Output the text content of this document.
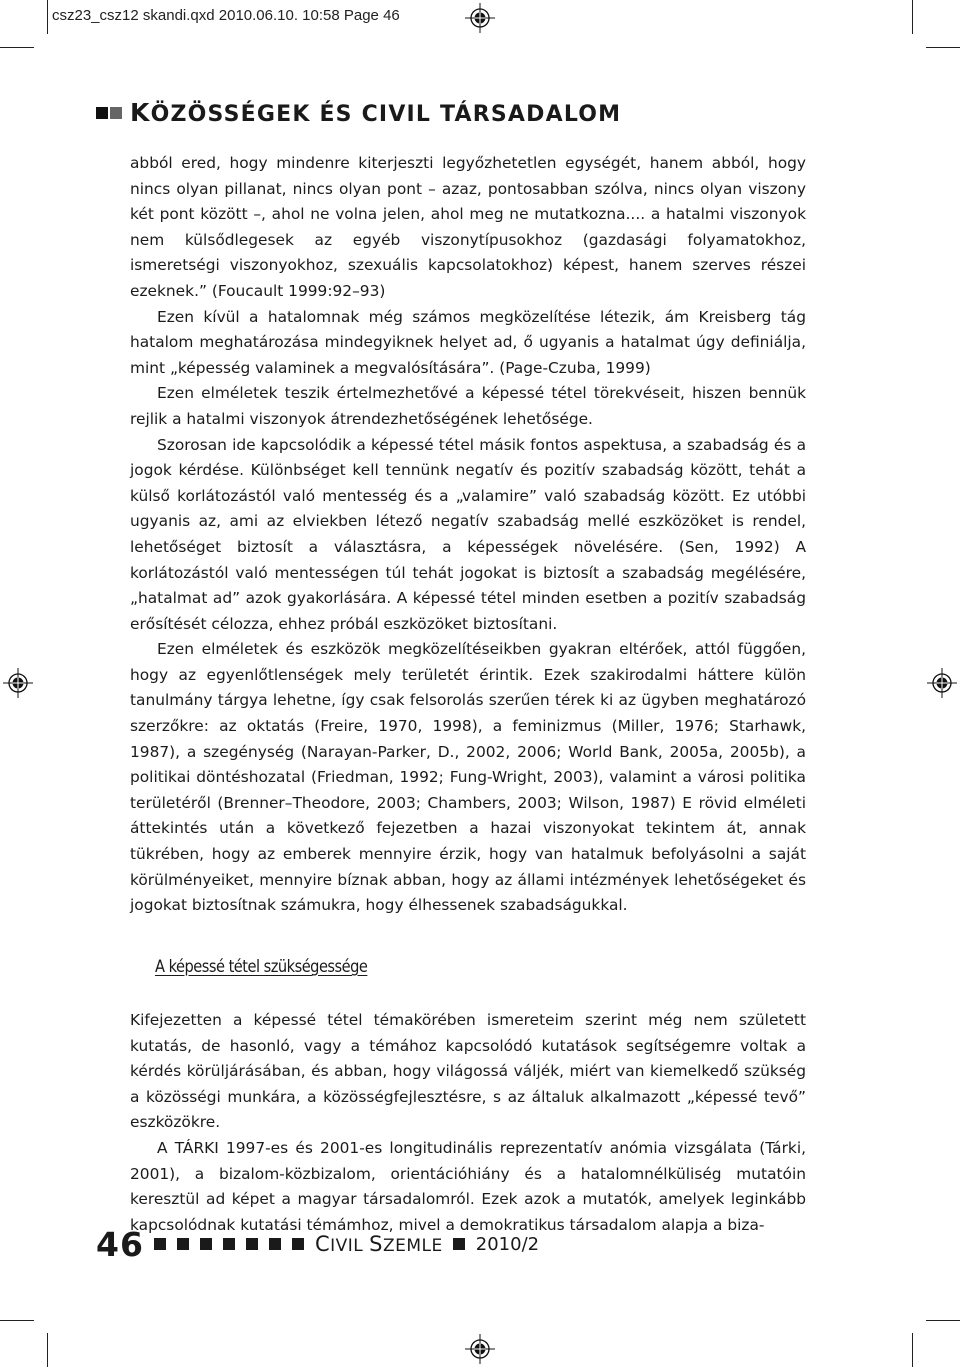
csz23_csz12 skandi.qxd 2010.06.10. 10:58 Page 46
KÖZÖSSÉGEK ÉS CIVIL TÁRSADALOM

abból ered, hogy mindenre kiterjeszti legyőzhetetlen egységét, hanem abból, hogy nincs olyan pillanat, nincs olyan pont – azaz, pontosabban szólva, nincs olyan viszony két pont között –, ahol ne volna jelen, ahol meg ne mutatkozna.... a hatalmi viszonyok nem külsődlegesek az egyéb viszonytípusokhoz (gazdasági folyamatokhoz, ismeretségi viszonyokhoz, szexuális kapcsolatokhoz) képest, hanem szerves részei ezeknek.” (Foucault 1999:92–93)

Ezen kívül a hatalomnak még számos megközelítése létezik, ám Kreisberg tág hatalom meghatározása mindegyiknek helyet ad, ő ugyanis a hatalmat úgy definiálja, mint „képesség valaminek a megvalósítására”. (Page-Czuba, 1999)

Ezen elméletek teszik értelmezhetővé a képessé tétel törekvéseit, hiszen bennük rejlik a hatalmi viszonyok átrendezhetőségének lehetősége.

Szorosan ide kapcsolódik a képessé tétel másik fontos aspektusa, a szabadság és a jogok kérdése. Különbséget kell tennünk negatív és pozitív szabadság között, tehát a külső korlátozástól való mentesség és a „valamire” való szabadság között. Ez utóbbi ugyanis az, ami az elviekben létező negatív szabadság mellé eszközöket is rendel, lehetőséget biztosít a választásra, a képességek növelésére. (Sen, 1992) A korlátozástól való mentességen túl tehát jogokat is biztosít a szabadság megélésére, „hatalmat ad” azok gyakorlására. A képessé tétel minden esetben a pozitív szabadság erősítését célozza, ehhez próbál eszközöket biztosítani.

Ezen elméletek és eszközök megközelítéseikben gyakran eltérőek, attól függően, hogy az egyenlőtlenségek mely területét érintik. Ezek szakirodalmi háttere külön tanulmány tárgya lehetne, így csak felsorolás szerűen térek ki az ügyben meghatározó szerzőkre: az oktatás (Freire, 1970, 1998), a feminizmus (Miller, 1976; Starhawk, 1987), a szegénység (Narayan-Parker, D., 2002, 2006; World Bank, 2005a, 2005b), a politikai döntéshozatal (Friedman, 1992; Fung-Wright, 2003), valamint a városi politika területéről (Brenner–Theodore, 2003; Chambers, 2003; Wilson, 1987) E rövid elméleti áttekintés után a következő fejezetben a hazai viszonyokat tekintem át, annak tükrében, hogy az emberek mennyire érzik, hogy van hatalmuk befolyásolni a saját körülményeiket, mennyire bíznak abban, hogy az állami intézmények lehetőségeket és jogokat biztosítnak számukra, hogy élhessenek szabadságukkal.

A képessé tétel szükségessége

Kifejezetten a képessé tétel témakörében ismereteim szerint még nem született kutatás, de hasonló, vagy a témához kapcsolódó kutatások segítségemre voltak a kérdés körüljárásában, és abban, hogy világossá váljék, miért van kiemelkedő szükség a közösségi munkára, a közösségfejlesztésre, s az általuk alkalmazott „képessé tevő” eszközökre.

A TÁRKI 1997-es és 2001-es longitudinális reprezentatív anómia vizsgálata (Tárki, 2001), a bizalom-közbizalom, orientációhiány és a hatalomnélküliség mutatóin keresztül ad képet a magyar társadalomról. Ezek azok a mutatók, amelyek leginkább kapcsolódnak kutatási témámhoz, mivel a demokratikus társadalom alapja a biza-

46	CIVIL SZEMLE 2010/2
